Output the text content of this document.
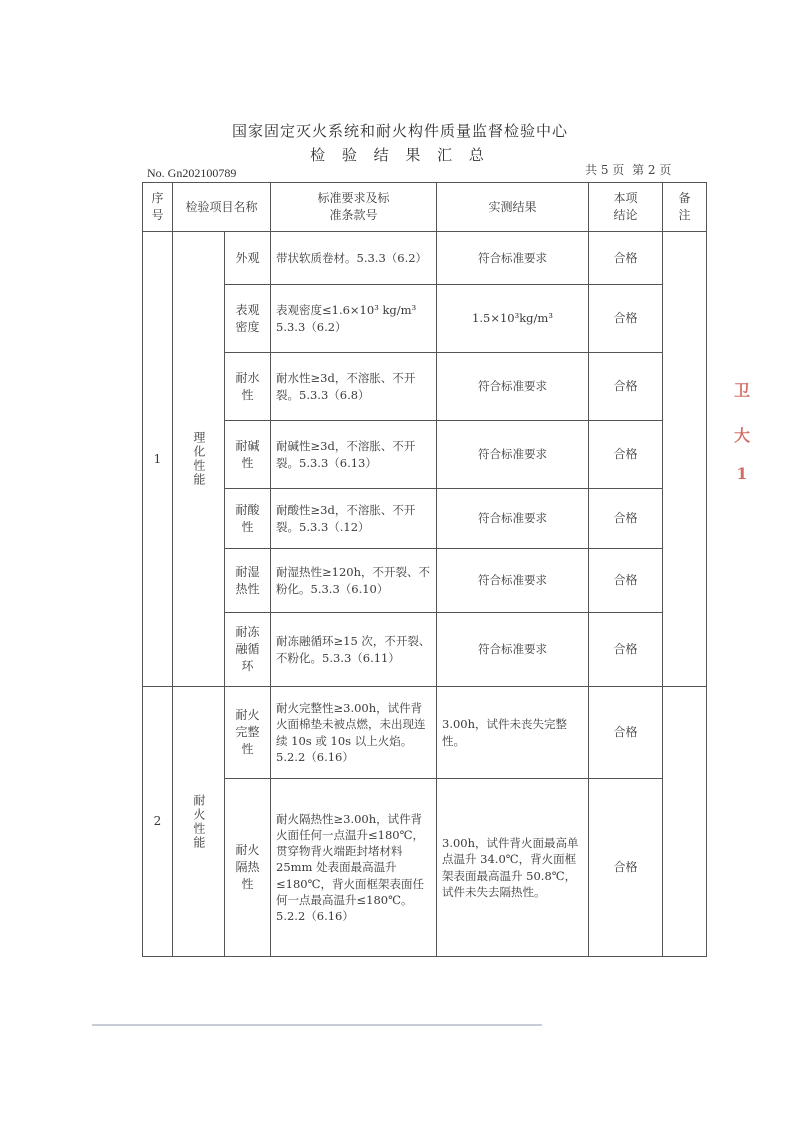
国家固定灭火系统和耐火构件质量监督检验中心
检 验 结 果 汇 总
No. Gn202100789	共 5 页 第 2 页
序号	检验项目名称		标准要求及标准条款号	实测结果	本项结论	备注

1	理化性能	外观	带状软质卷材。5.3.3（6.2）	符合标准要求	合格	

		表观密度	表观密度≤1.6×10³ kg/m³ 5.3.3（6.2）	1.5×10³kg/m³	合格	

		耐水性	耐水性≥3d，不溶胀、不开裂。5.3.3（6.8）	符合标准要求	合格	

		耐碱性	耐碱性≥3d，不溶胀、不开裂。5.3.3（6.13）	符合标准要求	合格	

		耐酸性	耐酸性≥3d，不溶胀、不开裂。5.3.3（.12）	符合标准要求	合格	

		耐湿热性	耐湿热性≥120h，不开裂、不粉化。5.3.3（6.10）	符合标准要求	合格	

		耐冻融循环	耐冻融循环≥15 次，不开裂、不粉化。5.3.3（6.11）	符合标准要求	合格	
2	耐火性能	耐火完整性	耐火完整性≥3.00h，试件背火面棉垫未被点燃，未出现连续 10s 或 10s 以上火焰。5.2.2（6.16）	3.00h，试件未丧失完整性。	合格	

		耐火隔热性	耐火隔热性≥3.00h，试件背火面任何一点温升≤180℃，贯穿物背火端距封堵材料 25mm 处表面最高温升≤180℃，背火面框架表面任何一点最高温升≤180℃。5.2.2（6.16）	3.00h，试件背火面最高单点温升 34.0℃，背火面框架表面最高温升 50.8℃，试件未失去隔热性。	合格	
卫
大
1
